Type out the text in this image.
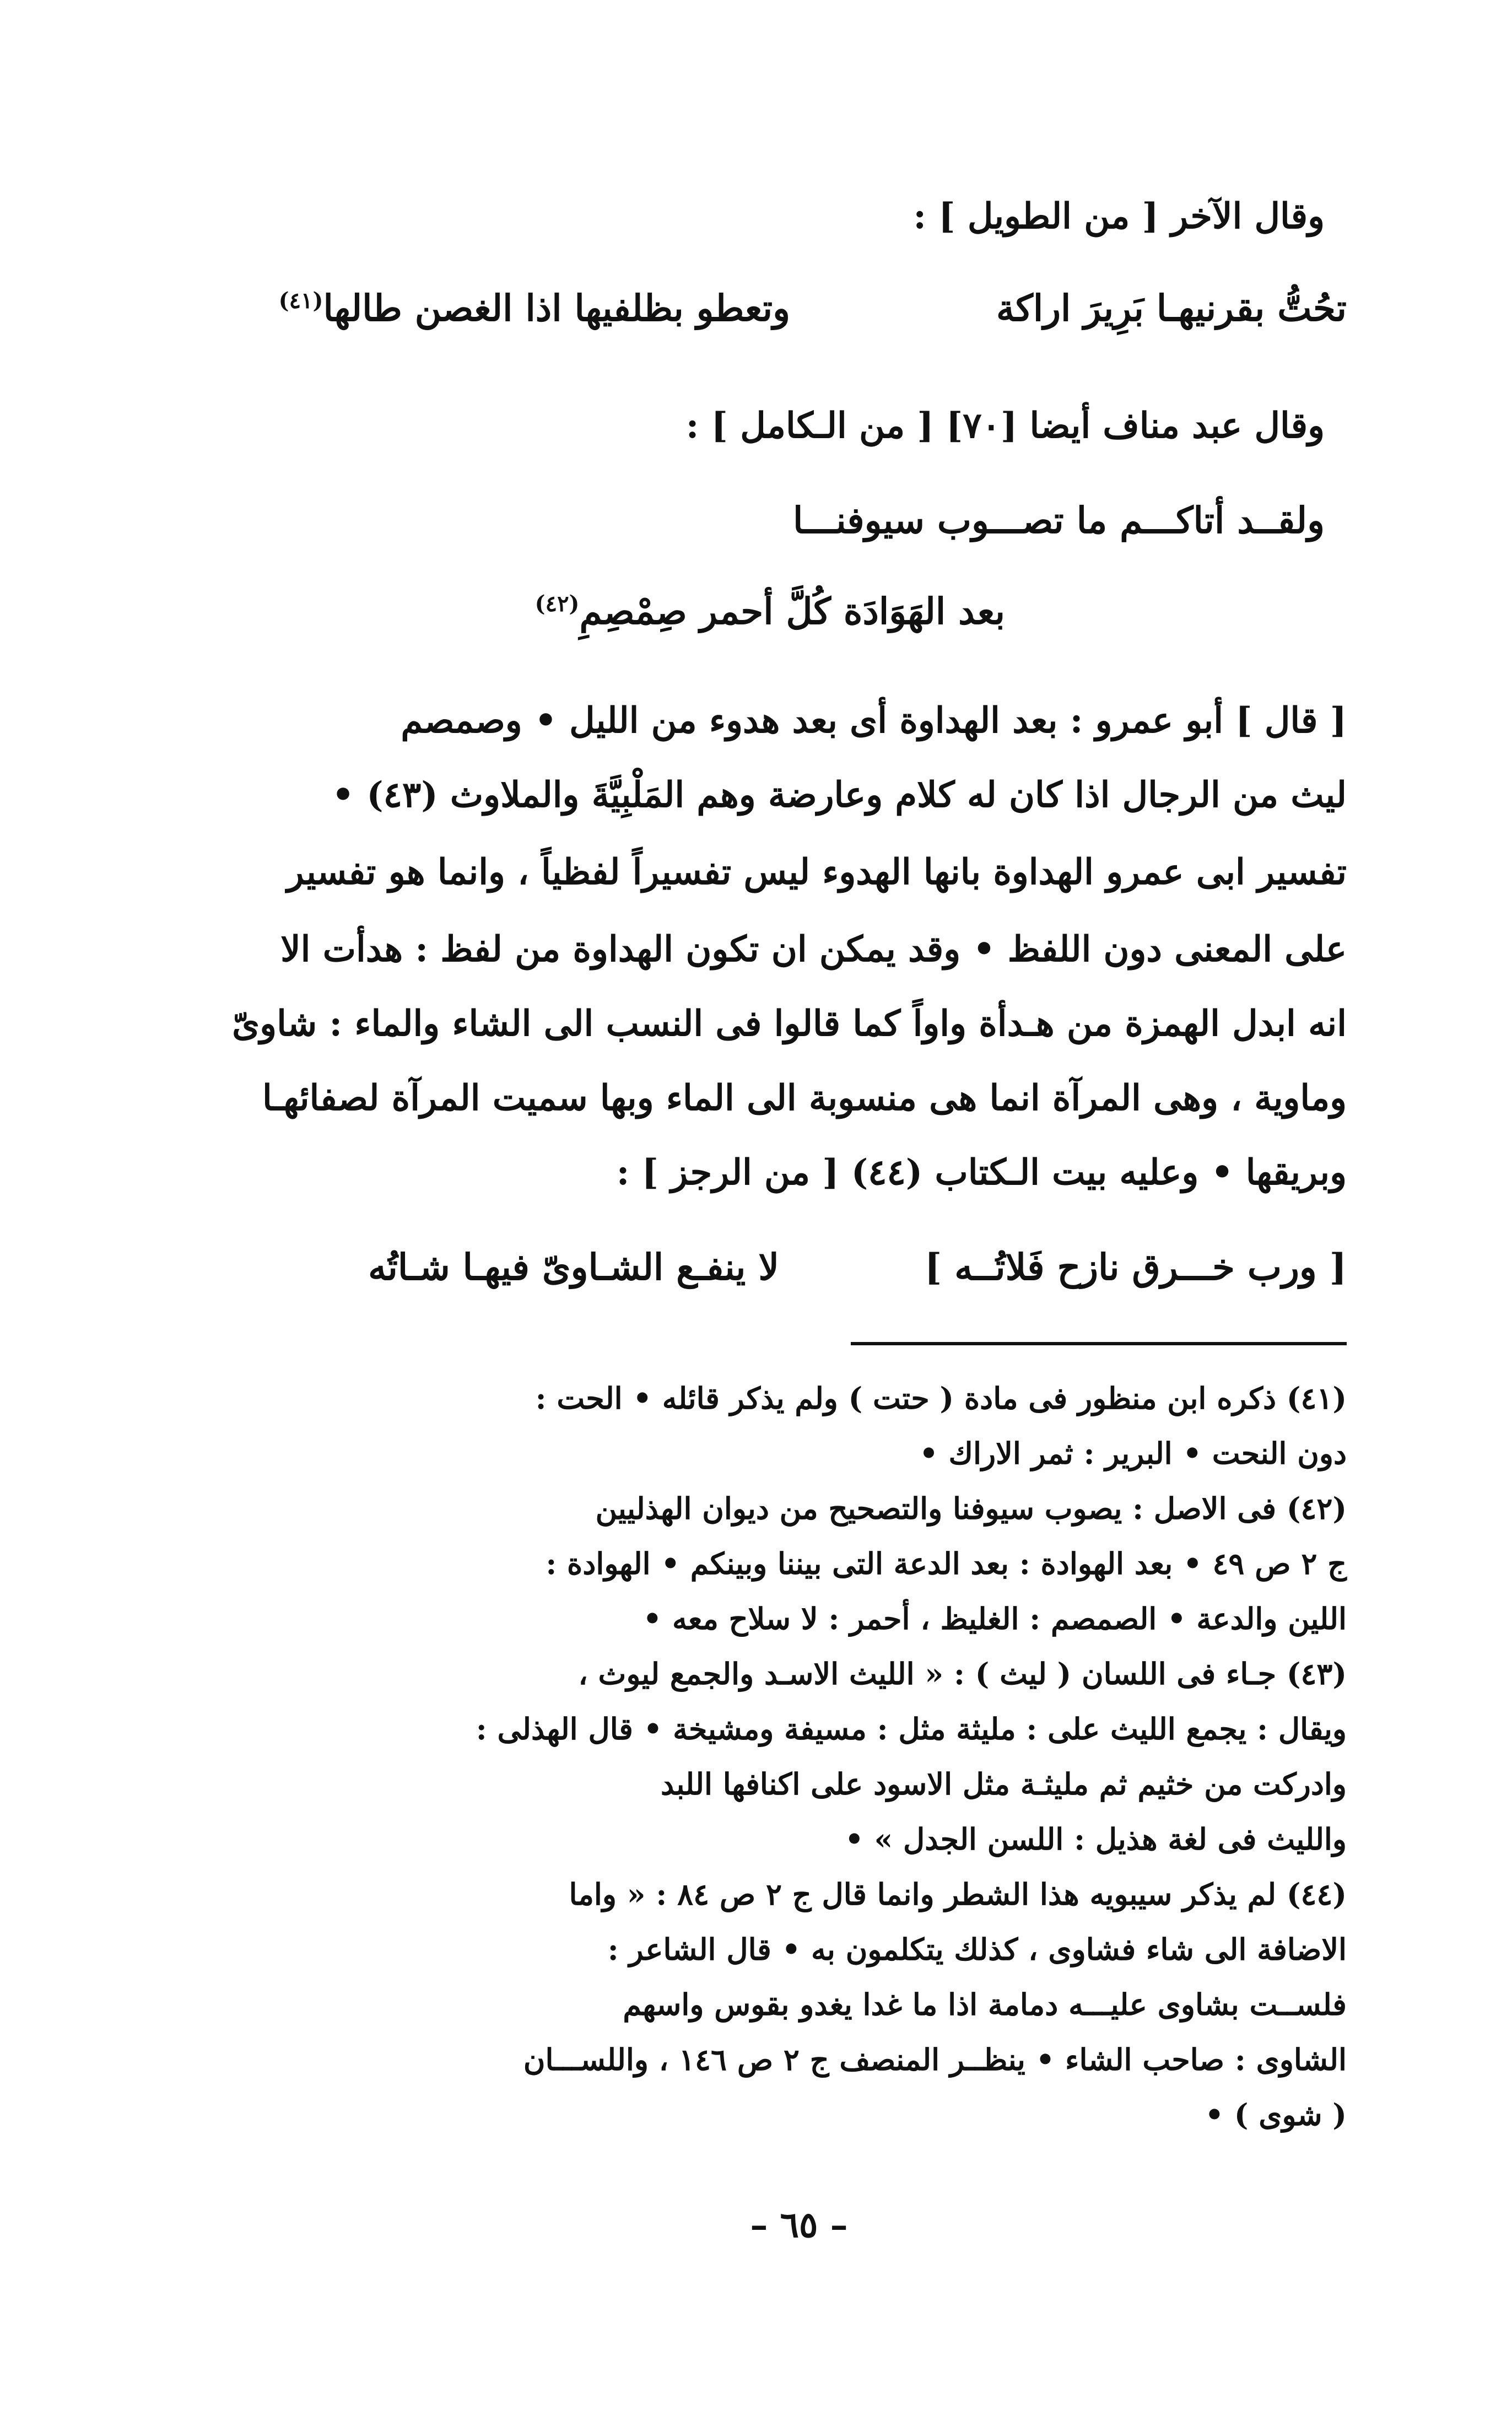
وقال الآخر [ من الطويل ] :
تحُتُّ بقرنيهـا بَرِيرَ اراكة
وتعطو بظلفيها اذا الغصن طالها$^{(٤١)}$
وقال عبد مناف أيضا [٧٠] [ من الـكامل ] :
ولقــد أتاكـــم ما تصـــوب سيوفنـــا
بعد الهَوَادَة كُلَّ أحمر صِمْصِمِ$^{(٤٢)}$
[ قال ] أبو عمرو : بعد الهداوة أى بعد هدوء من الليل • وصمصم
ليث من الرجال اذا كان له كلام وعارضة وهم المَلْبِيَّةَ والملاوث (٤٣) •
تفسير ابى عمرو الهداوة بانها الهدوء ليس تفسيراً لفظياً ، وانما هو تفسير
على المعنى دون اللفظ • وقد يمكن ان تكون الهداوة من لفظ : هدأت الا
انه ابدل الهمزة من هـدأة واواً كما قالوا فى النسب الى الشاء والماء : شاوىّ
وماوية ، وهى المرآة انما هى منسوبة الى الماء وبها سميت المرآة لصفائهـا
وبريقها • وعليه بيت الـكتاب (٤٤) [ من الرجز ] :
[ ورب خـــرق نازح فَلاتُــه ]
لا ينفـع الشـاوىّ فيهـا شـاتُه
(٤١) ذكره ابن منظور فى مادة ( حتت ) ولم يذكر قائله • الحت :
دون النحت • البرير : ثمر الاراك •
(٤٢) فى الاصل : يصوب سيوفنا والتصحيح من ديوان الهذليين
ج ٢ ص ٤٩ • بعد الهوادة : بعد الدعة التى بيننا وبينكم • الهوادة :
اللين والدعة • الصمصم : الغليظ ، أحمر : لا سلاح معه •
(٤٣) جـاء فى اللسان ( ليث ) : « الليث الاسـد والجمع ليوث ،
ويقال : يجمع الليث على : مليثة مثل : مسيفة ومشيخة • قال الهذلى :
وادركت من خثيم ثم مليثـة مثل الاسود على اكنافها اللبد
والليث فى لغة هذيل : اللسن الجدل » •
(٤٤) لم يذكر سيبويه هذا الشطر وانما قال ج ٢ ص ٨٤ : « واما
الاضافة الى شاء فشاوى ، كذلك يتكلمون به • قال الشاعر :
فلســت بشاوى عليـــه دمامة اذا ما غدا يغدو بقوس واسهم
الشاوى : صاحب الشاء • ينظــر المنصف ج ٢ ص ١٤٦ ، واللســـان
( شوى ) •
– ٦٥ –
